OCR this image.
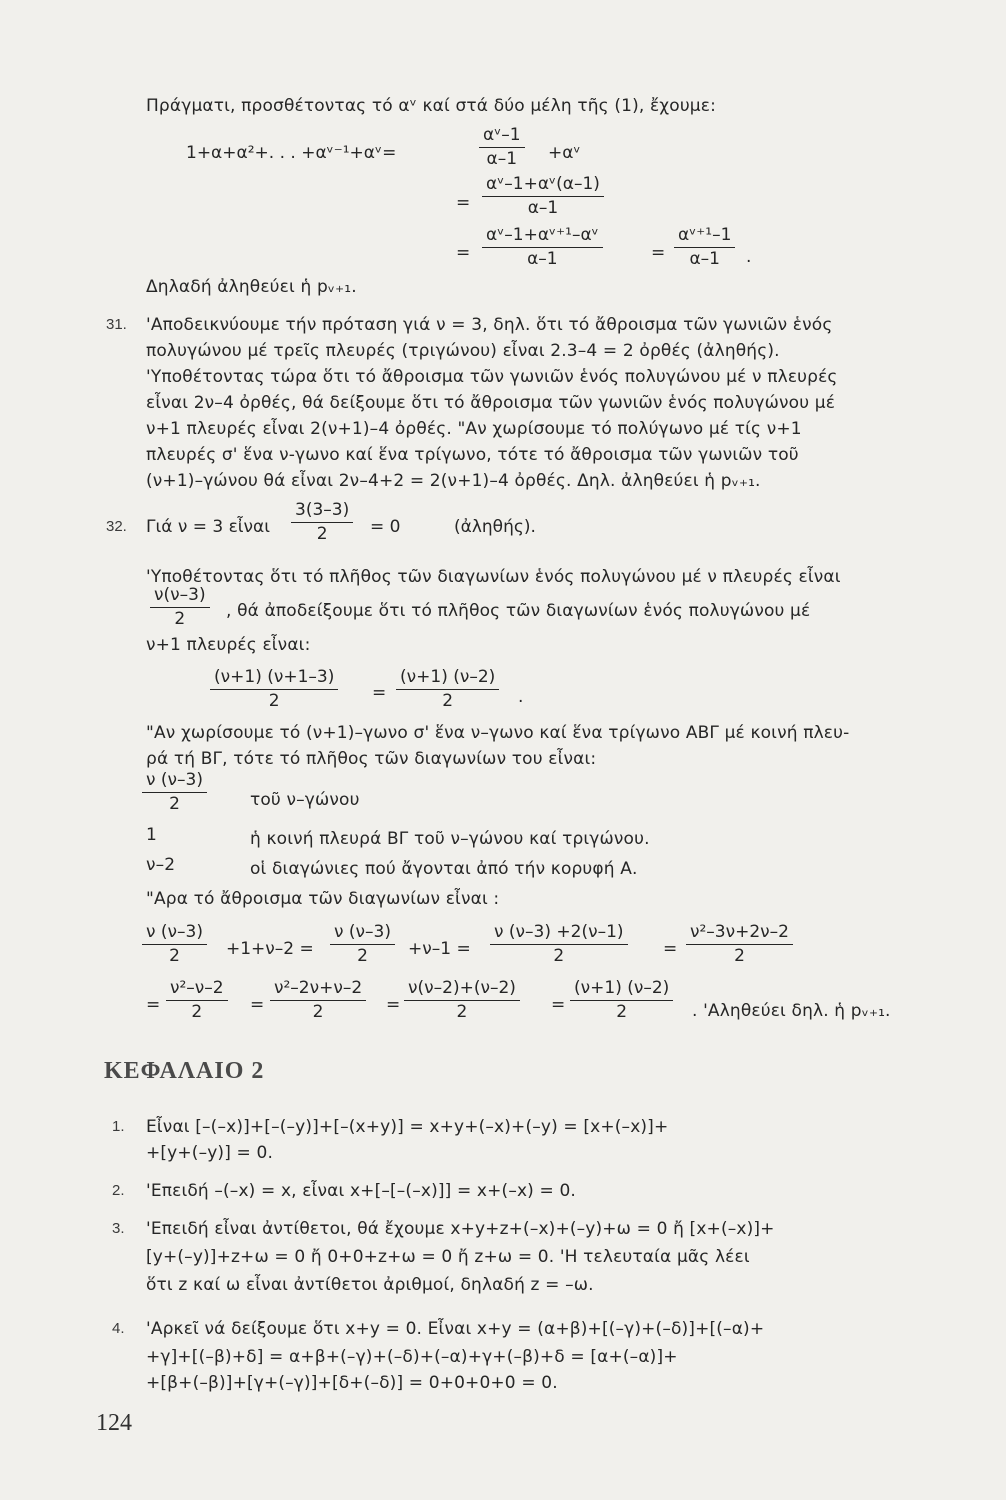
Πράγματι, προσθέτοντας τό αᵛ καί στά δύο μέλη τῆς (1), ἔχουμε:
1+α+α²+. . . +αᵛ⁻¹+αᵛ=	$\frac{\text{αᵛ–1}}{\alpha-1}$ +αᵛ
= $\frac{\text{αᵛ–1+αᵛ(α–1)}}{\alpha-1}$
= $\frac{\text{αᵛ–1+αᵛ⁺¹–αᵛ}}{\alpha-1}$	= $\frac{\text{αᵛ⁺¹–1}}{\alpha-1}$ .
Δηλαδή ἀληθεύει ἡ pᵥ₊₁.
31. 'Αποδεικνύουμε τήν πρόταση γιά ν = 3, δηλ. ὅτι τό ἄθροισμα τῶν γωνιῶν ἑνός
πολυγώνου μέ τρεῖς πλευρές (τριγώνου) εἶναι 2.3–4 = 2 ὀρθές (ἀληθής).
'Υποθέτοντας τώρα ὅτι τό ἄθροισμα τῶν γωνιῶν ἑνός πολυγώνου μέ ν πλευρές
εἶναι 2ν–4 ὀρθές, θά δείξουμε ὅτι τό ἄθροισμα τῶν γωνιῶν ἑνός πολυγώνου μέ
ν+1 πλευρές εἶναι 2(ν+1)–4 ὀρθές. "Αν χωρίσουμε τό πολύγωνο μέ τίς ν+1
πλευρές σ' ἕνα ν-γωνο καί ἕνα τρίγωνο, τότε τό ἄθροισμα τῶν γωνιῶν τοῦ
(ν+1)–γώνου θά εἶναι 2ν–4+2 = 2(ν+1)–4 ὀρθές. Δηλ. ἀληθεύει ἡ pᵥ₊₁.
32. Γιά ν = 3 εἶναι $\frac{3(3-3)}{2} = 0$	(ἀληθής).
'Υποθέτοντας ὅτι τό πλῆθος τῶν διαγωνίων ἑνός πολυγώνου μέ ν πλευρές εἶναι
$\frac{\nu(\nu-3)}{2}$ , θά ἀποδείξουμε ὅτι τό πλῆθος τῶν διαγωνίων ἑνός πολυγώνου μέ
ν+1 πλευρές εἶναι:
$\frac{(\nu+1) (\nu+1-3)}{2} = \frac{(\nu+1) (\nu-2)}{2}$ .
"Αν χωρίσουμε τό (ν+1)–γωνο σ' ἕνα ν–γωνο καί ἕνα τρίγωνο ΑΒΓ μέ κοινή πλευ-
ρά τή ΒΓ, τότε τό πλῆθος τῶν διαγωνίων του εἶναι:
$\frac{\nu (\nu-3)}{2}$	τοῦ ν–γώνου
1	ἡ κοινή πλευρά ΒΓ τοῦ ν–γώνου καί τριγώνου.
ν–2	οἱ διαγώνιες πού ἄγονται ἀπό τήν κορυφή Α.
"Αρα τό ἄθροισμα τῶν διαγωνίων εἶναι :
$\frac{\nu (\nu-3)}{2} +1+\nu-2 = \frac{\nu (\nu-3)}{2} +\nu-1 = \frac{\nu (\nu-3) +2(\nu-1)}{2} = \frac{\text{ν²–3ν+2ν–2}}{2}$
= $\frac{\text{ν²–ν–2}}{2} = \frac{\text{ν²–2ν+ν–2}}{2} = \frac{\nu(\nu-2)+(\nu-2)}{2} = \frac{(\nu+1) (\nu-2)}{2}$ . 'Αληθεύει δηλ. ἡ pᵥ₊₁.
ΚΕΦΑΛΑΙΟ 2
1. Εἶναι [–(–x)]+[–(–y)]+[–(x+y)] = x+y+(–x)+(–y) = [x+(–x)]+
+[y+(–y)] = 0.
2. 'Επειδή –(–x) = x, εἶναι x+[–[–(–x)]] = x+(–x) = 0.
3. 'Επειδή εἶναι ἀντίθετοι, θά ἔχουμε x+y+z+(–x)+(–y)+ω = 0 ἤ [x+(–x)]+
[y+(–y)]+z+ω = 0 ἤ 0+0+z+ω = 0 ἤ z+ω = 0. 'Η τελευταία μᾶς λέει
ὅτι z καί ω εἶναι ἀντίθετοι ἀριθμοί, δηλαδή z = –ω.
4. 'Αρκεῖ νά δείξουμε ὅτι x+y = 0. Εἶναι x+y = (α+β)+[(–γ)+(–δ)]+[(–α)+
+γ]+[(–β)+δ] = α+β+(–γ)+(–δ)+(–α)+γ+(–β)+δ = [α+(–α)]+
+[β+(–β)]+[γ+(–γ)]+[δ+(–δ)] = 0+0+0+0 = 0.
124
